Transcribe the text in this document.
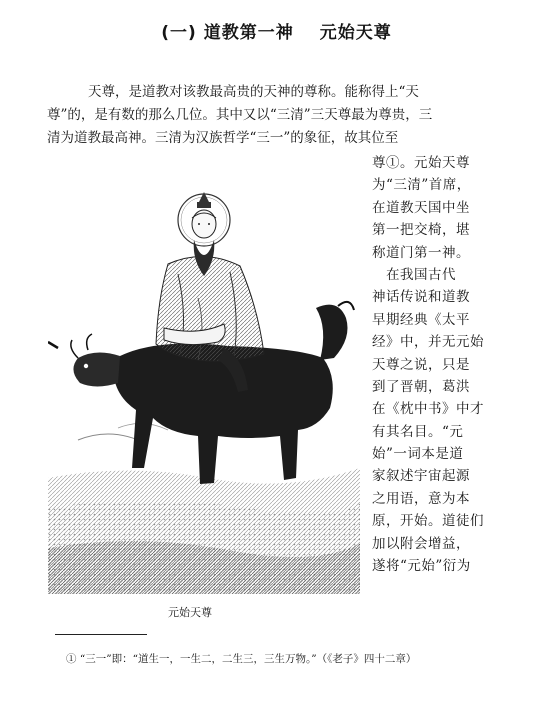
(一) 道教第一神 元始天尊
天尊，是道教对该教最高贵的天神的尊称。能称得上“天
尊”的，是有数的那么几位。其中又以“三清”三天尊最为尊贵，三
清为道教最高神。三清为汉族哲学“三一”的象征，故其位至
尊①。元始天尊
为“三清”首席，
在道教天国中坐
第一把交椅，堪
称道门第一神。
　在我国古代
神话传说和道教
早期经典《太平
经》中，并无元始
天尊之说，只是
到了晋朝，葛洪
在《枕中书》中才
有其名目。“元
始”一词本是道
家叙述宇宙起源
之用语，意为本
原，开始。道徒们
加以附会增益，
遂将“元始”衍为
元始天尊
① “三一”即：“道生一，一生二，二生三，三生万物。”（《老子》四十二章）
